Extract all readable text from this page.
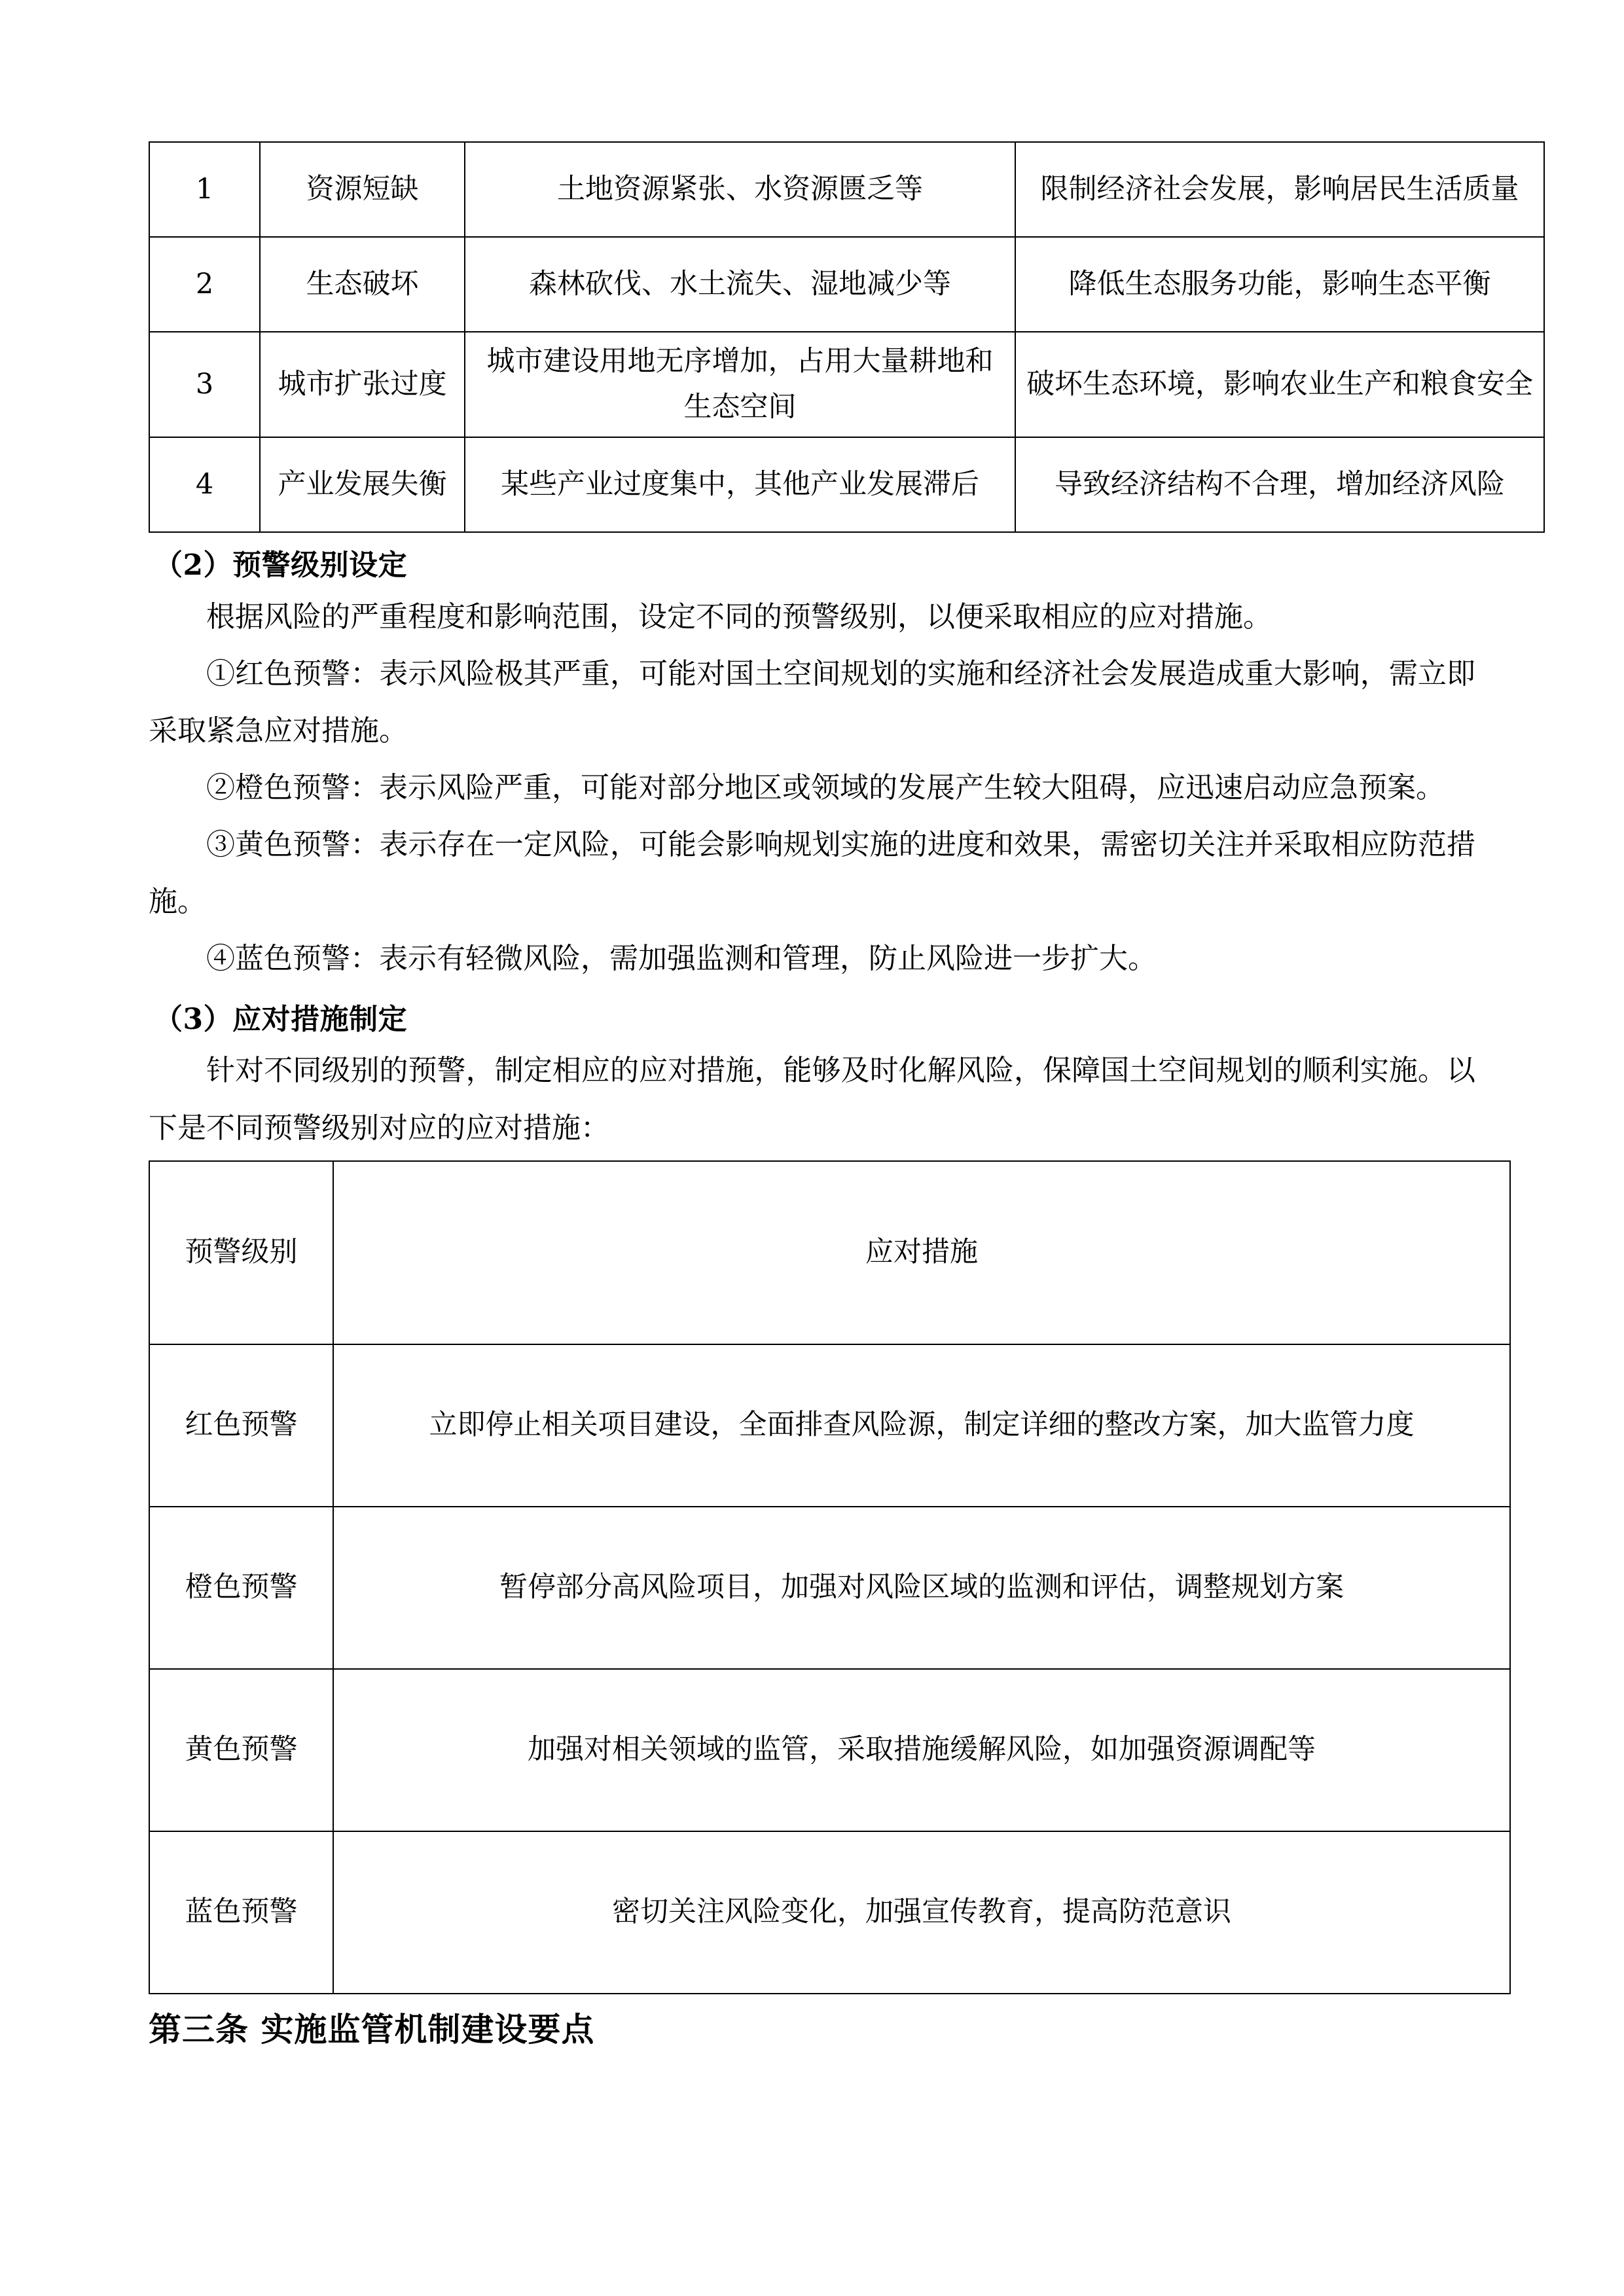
1	资源短缺	土地资源紧张、水资源匮乏等	限制经济社会发展，影响居民生活质量
2	生态破坏	森林砍伐、水土流失、湿地减少等	降低生态服务功能，影响生态平衡
3	城市扩张过度	城市建设用地无序增加，占用大量耕地和生态空间	破坏生态环境，影响农业生产和粮食安全
4	产业发展失衡	某些产业过度集中，其他产业发展滞后	导致经济结构不合理，增加经济风险
（2）预警级别设定

根据风险的严重程度和影响范围，设定不同的预警级别，以便采取相应的应对措施。

①红色预警：表示风险极其严重，可能对国土空间规划的实施和经济社会发展造成重大影响，需立即采取紧急应对措施。

②橙色预警：表示风险严重，可能对部分地区或领域的发展产生较大阻碍，应迅速启动应急预案。

③黄色预警：表示存在一定风险，可能会影响规划实施的进度和效果，需密切关注并采取相应防范措施。

④蓝色预警：表示有轻微风险，需加强监测和管理，防止风险进一步扩大。

（3）应对措施制定

针对不同级别的预警，制定相应的应对措施，能够及时化解风险，保障国土空间规划的顺利实施。以下是不同预警级别对应的应对措施：

预警级别	应对措施
红色预警	立即停止相关项目建设，全面排查风险源，制定详细的整改方案，加大监管力度
橙色预警	暂停部分高风险项目，加强对风险区域的监测和评估，调整规划方案
黄色预警	加强对相关领域的监管，采取措施缓解风险，如加强资源调配等
蓝色预警	密切关注风险变化，加强宣传教育，提高防范意识
第三条 实施监管机制建设要点
